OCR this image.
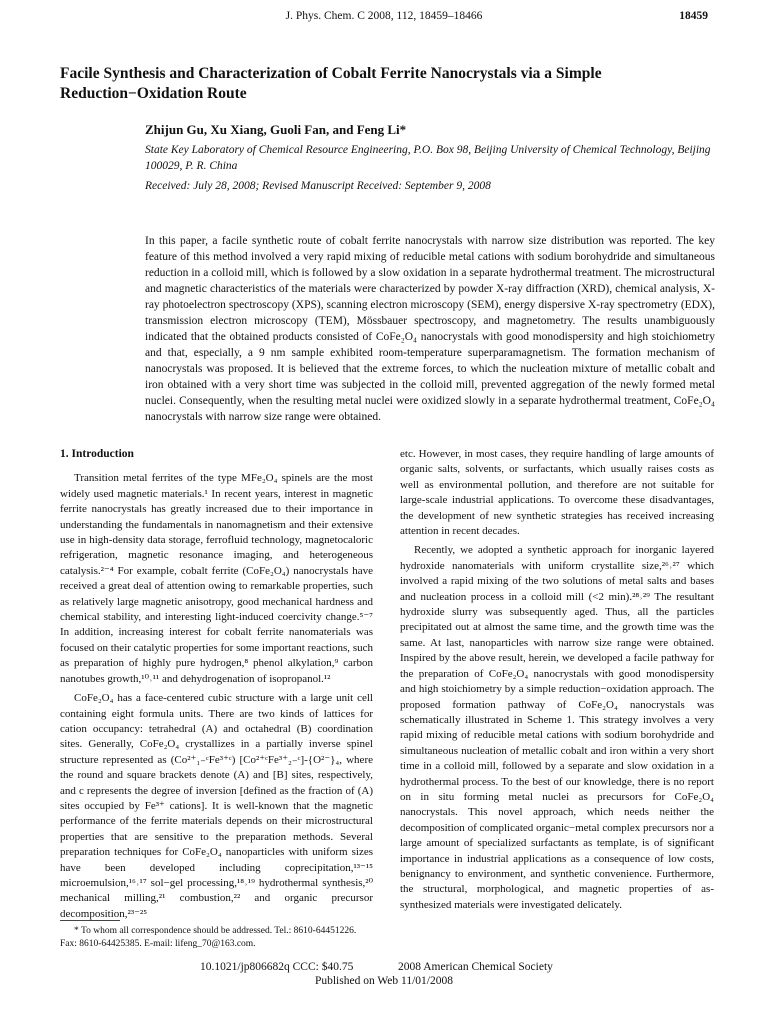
J. Phys. Chem. C 2008, 112, 18459–18466	18459
Facile Synthesis and Characterization of Cobalt Ferrite Nanocrystals via a Simple Reduction−Oxidation Route
Zhijun Gu, Xu Xiang, Guoli Fan, and Feng Li*
State Key Laboratory of Chemical Resource Engineering, P.O. Box 98, Beijing University of Chemical Technology, Beijing 100029, P. R. China
Received: July 28, 2008; Revised Manuscript Received: September 9, 2008
In this paper, a facile synthetic route of cobalt ferrite nanocrystals with narrow size distribution was reported. The key feature of this method involved a very rapid mixing of reducible metal cations with sodium borohydride and simultaneous reduction in a colloid mill, which is followed by a slow oxidation in a separate hydrothermal treatment. The microstructural and magnetic characteristics of the materials were characterized by powder X-ray diffraction (XRD), chemical analysis, X-ray photoelectron spectroscopy (XPS), scanning electron microscopy (SEM), energy dispersive X-ray spectrometry (EDX), transmission electron microscopy (TEM), Mössbauer spectroscopy, and magnetometry. The results unambiguously indicated that the obtained products consisted of CoFe₂O₄ nanocrystals with good monodispersity and high stoichiometry and that, especially, a 9 nm sample exhibited room-temperature superparamagnetism. The formation mechanism of nanocrystals was proposed. It is believed that the extreme forces, to which the nucleation mixture of metallic cobalt and iron obtained with a very short time was subjected in the colloid mill, prevented aggregation of the newly formed metal nuclei. Consequently, when the resulting metal nuclei were oxidized slowly in a separate hydrothermal treatment, CoFe₂O₄ nanocrystals with narrow size range were obtained.
1. Introduction

Transition metal ferrites of the type MFe₂O₄ spinels are the most widely used magnetic materials.¹ In recent years, interest in magnetic ferrite nanocrystals has greatly increased due to their importance in understanding the fundamentals in nanomagnetism and their extensive use in high-density data storage, ferrofluid technology, magnetocaloric refrigeration, magnetic resonance imaging, and heterogeneous catalysis.²⁻⁴ For example, cobalt ferrite (CoFe₂O₄) nanocrystals have received a great deal of attention owing to remarkable properties, such as relatively large magnetic anisotropy, good mechanical hardness and chemical stability, and interesting light-induced coercivity change.⁵⁻⁷ In addition, increasing interest for cobalt ferrite nanomaterials was focused on their catalytic properties for some important reactions, such as preparation of highly pure hydrogen,⁸ phenol alkylation,⁹ carbon nanotubes growth,¹⁰˒¹¹ and dehydrogenation of isopropanol.¹²

CoFe₂O₄ has a face-centered cubic structure with a large unit cell containing eight formula units. There are two kinds of lattices for cation occupancy: tetrahedral (A) and octahedral (B) coordination sites. Generally, CoFe₂O₄ crystallizes in a partially inverse spinel structure represented as (Co²⁺₁₋ᶜFe³⁺ᶜ) [Co²⁺ᶜFe³⁺₂₋ᶜ]-{O²⁻}₄, where the round and square brackets denote (A) and [B] sites, respectively, and c represents the degree of inversion [defined as the fraction of (A) sites occupied by Fe³⁺ cations]. It is well-known that the magnetic performance of the ferrite materials depends on their microstructural properties that are sensitive to the preparation methods. Several preparation techniques for CoFe₂O₄ nanoparticles with uniform sizes have been developed including coprecipitation,¹³⁻¹⁵ microemulsion,¹⁶˒¹⁷ sol−gel processing,¹⁸˒¹⁹ hydrothermal synthesis,²⁰ mechanical milling,²¹ combustion,²² and organic precursor decomposition,²³⁻²⁵

etc. However, in most cases, they require handling of large amounts of organic salts, solvents, or surfactants, which usually raises costs as well as environmental pollution, and therefore are not suitable for large-scale industrial applications. To overcome these disadvantages, the development of new synthetic strategies has received increasing attention in recent decades.

Recently, we adopted a synthetic approach for inorganic layered hydroxide nanomaterials with uniform crystallite size,²⁶˒²⁷ which involved a rapid mixing of the two solutions of metal salts and bases and nucleation process in a colloid mill (<2 min).²⁸˒²⁹ The resultant hydroxide slurry was subsequently aged. Thus, all the particles precipitated out at almost the same time, and the growth time was the same. At last, nanoparticles with narrow size range were obtained. Inspired by the above result, herein, we developed a facile pathway for the preparation of CoFe₂O₄ nanocrystals with good monodispersity and high stoichiometry by a simple reduction−oxidation approach. The proposed formation pathway of CoFe₂O₄ nanocrystals was schematically illustrated in Scheme 1. This strategy involves a very rapid mixing of reducible metal cations with sodium borohydride and simultaneous nucleation of metallic cobalt and iron within a very short time in a colloid mill, followed by a separate and slow oxidation in a hydrothermal process. To the best of our knowledge, there is no report on in situ forming metal nuclei as precursors for CoFe₂O₄ nanocrystals. This novel approach, which needs neither the decomposition of complicated organic−metal complex precursors nor a large amount of specialized surfactants as template, is of significant importance in industrial applications as a consequence of low costs, benignancy to environment, and synthetic convenience. Furthermore, the structural, morphological, and magnetic properties of as-synthesized materials were investigated delicately.

* To whom all correspondence should be addressed. Tel.: 8610-64451226. Fax: 8610-64425385. E-mail: lifeng_70@163.com.
10.1021/jp806682q CCC: $40.75	2008 American Chemical Society
Published on Web 11/01/2008
